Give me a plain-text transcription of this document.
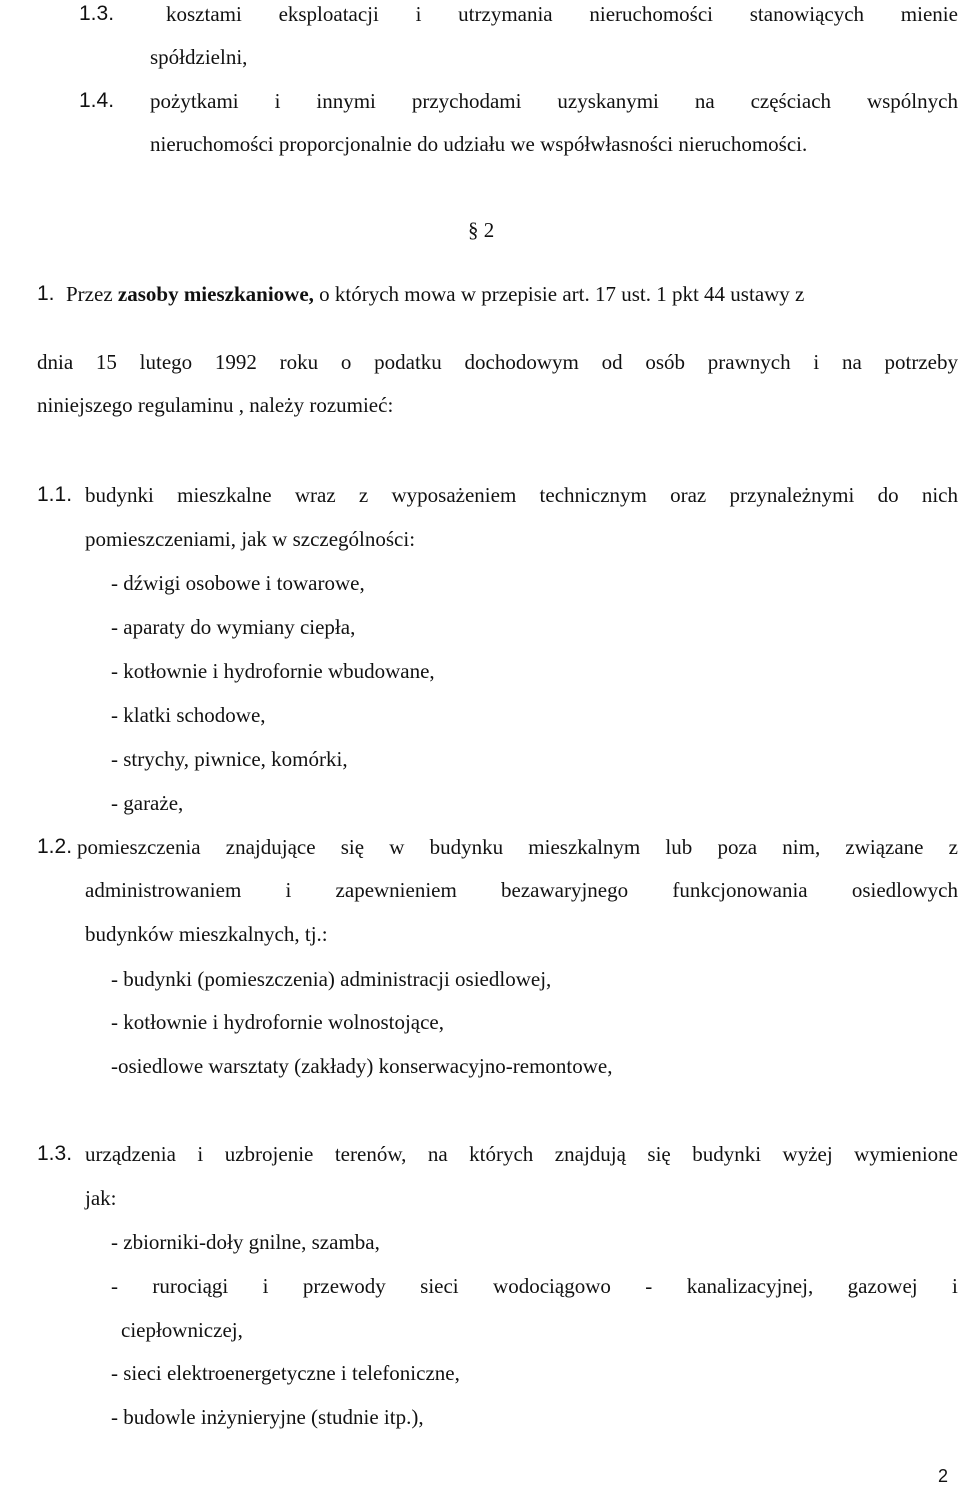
1.3. kosztami eksploatacji i utrzymania nieruchomości stanowiących mienie
spółdzielni,
1.4. pożytkami i innymi przychodami uzyskanymi na częściach wspólnych
nieruchomości proporcjonalnie do udziału we współwłasności nieruchomości.
§ 2
1. Przez zasoby mieszkaniowe, o których mowa w przepisie art. 17 ust. 1 pkt 44 ustawy z
dnia 15 lutego 1992 roku o podatku dochodowym od osób prawnych i na potrzeby
niniejszego regulaminu , należy rozumieć:
1.1. budynki mieszkalne wraz z wyposażeniem technicznym oraz przynależnymi do nich
pomieszczeniami, jak w szczególności:
- dźwigi osobowe i towarowe,
- aparaty do wymiany ciepła,
- kotłownie i hydrofornie wbudowane,
- klatki schodowe,
- strychy, piwnice, komórki,
- garaże,
1.2. pomieszczenia znajdujące się w budynku mieszkalnym lub poza nim, związane z
administrowaniem i zapewnieniem bezawaryjnego funkcjonowania osiedlowych
budynków mieszkalnych, tj.:
- budynki (pomieszczenia) administracji osiedlowej,
- kotłownie i hydrofornie wolnostojące,
-osiedlowe warsztaty (zakłady) konserwacyjno-remontowe,
1.3. urządzenia i uzbrojenie terenów, na których znajdują się budynki wyżej wymienione
jak:
- zbiorniki-doły gnilne, szamba,
- rurociągi i przewody sieci wodociągowo - kanalizacyjnej, gazowej i
ciepłowniczej,
- sieci elektroenergetyczne i telefoniczne,
- budowle inżynieryjne (studnie itp.),
2
